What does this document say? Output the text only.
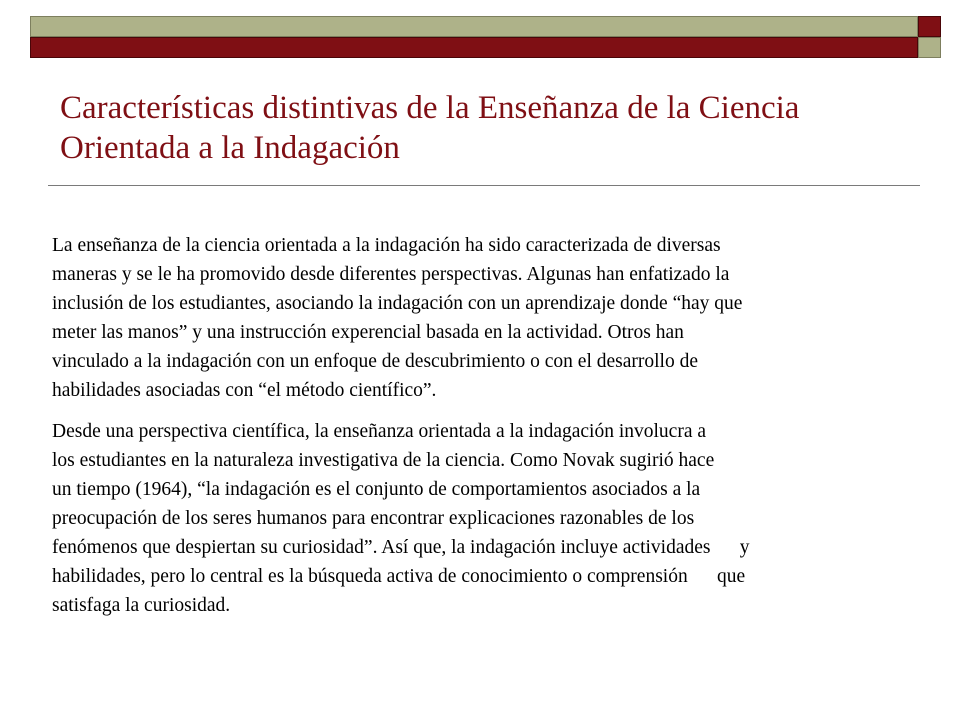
Características distintivas de la Enseñanza de la Ciencia
Orientada a la Indagación

La enseñanza de la ciencia orientada a la indagación ha sido caracterizada de diversas
maneras y se le ha promovido desde diferentes perspectivas. Algunas han enfatizado la
inclusión de los estudiantes, asociando la indagación con un aprendizaje donde “hay que
meter las manos” y una instrucción experencial basada en la actividad. Otros han
vinculado a la indagación con un enfoque de descubrimiento o con el desarrollo de
habilidades asociadas con “el método científico”.

Desde una perspectiva científica, la enseñanza orientada a la indagación involucra a
los estudiantes en la naturaleza investigativa de la ciencia. Como Novak sugirió hace
un tiempo (1964), “la indagación es el conjunto de comportamientos asociados a la
preocupación de los seres humanos para encontrar explicaciones razonables de los
fenómenos que despiertan su curiosidad”. Así que, la indagación incluye actividades      y
habilidades, pero lo central es la búsqueda activa de conocimiento o comprensión      que
satisfaga la curiosidad.
